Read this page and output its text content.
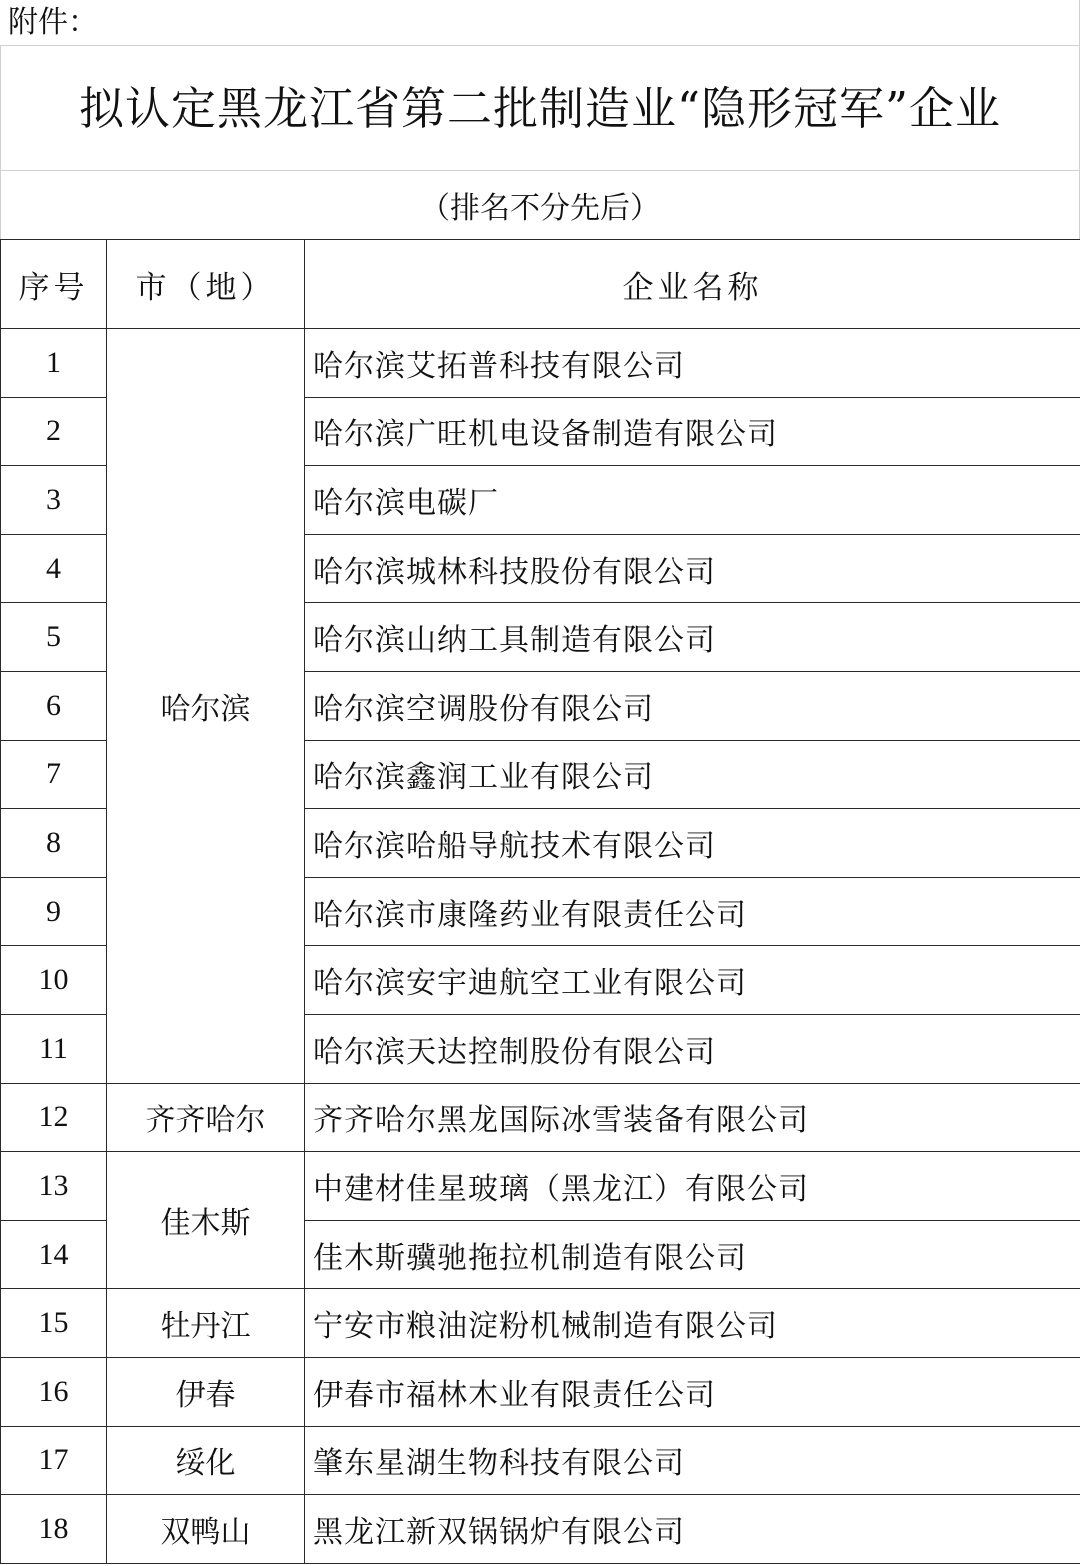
附件：
拟认定黑龙江省第二批制造业“隐形冠军”企业
（排名不分先后）
序号	市（地）	企业名称
1	哈尔滨	哈尔滨艾拓普科技有限公司
2		哈尔滨广旺机电设备制造有限公司
3		哈尔滨电碳厂
4		哈尔滨城林科技股份有限公司
5		哈尔滨山纳工具制造有限公司
6		哈尔滨空调股份有限公司
7		哈尔滨鑫润工业有限公司
8		哈尔滨哈船导航技术有限公司
9		哈尔滨市康隆药业有限责任公司
10		哈尔滨安宇迪航空工业有限公司
11		哈尔滨天达控制股份有限公司
12	齐齐哈尔	齐齐哈尔黑龙国际冰雪装备有限公司
13	佳木斯	中建材佳星玻璃（黑龙江）有限公司
14		佳木斯骥驰拖拉机制造有限公司
15	牡丹江	宁安市粮油淀粉机械制造有限公司
16	伊春	伊春市福林木业有限责任公司
17	绥化	肇东星湖生物科技有限公司
18	双鸭山	黑龙江新双锅锅炉有限公司
